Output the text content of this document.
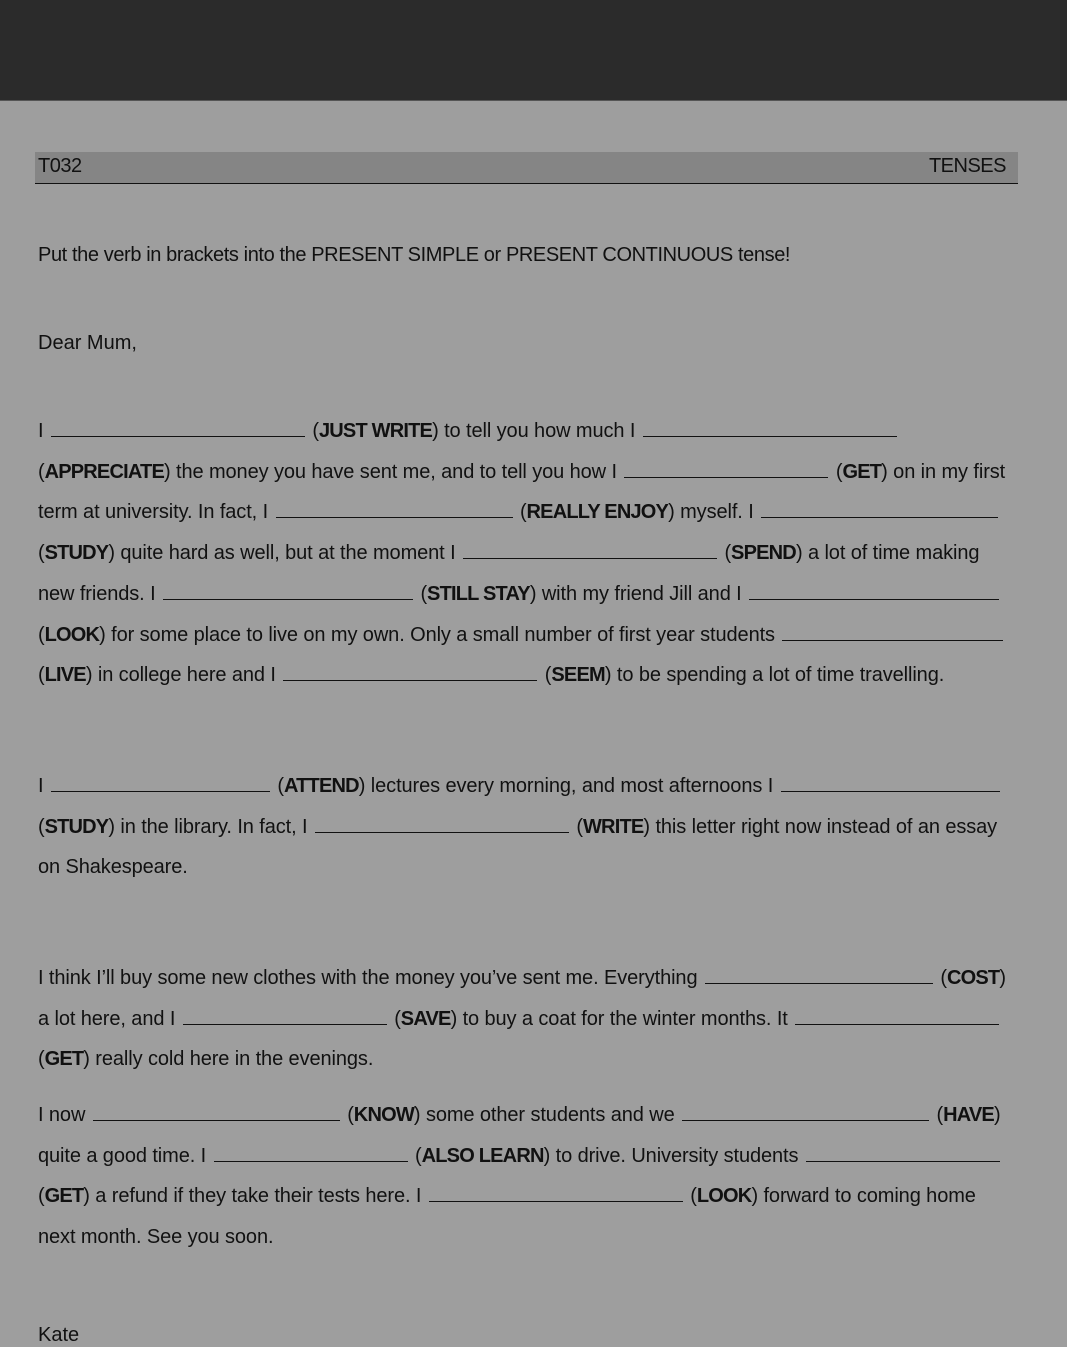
T032	TENSES
Put the verb in brackets into the PRESENT SIMPLE or PRESENT CONTINUOUS tense!
Dear Mum,
I	(JUST WRITE) to tell you how much I
(APPRECIATE) the money you have sent me, and to tell you how I	(GET) on in my first
term at university. In fact, I	(REALLY ENJOY) myself. I
(STUDY) quite hard as well, but at the moment I	(SPEND) a lot of time making
new friends. I	(STILL STAY) with my friend Jill and I
(LOOK) for some place to live on my own. Only a small number of first year students
(LIVE) in college here and I	(SEEM) to be spending a lot of time travelling.
I	(ATTEND) lectures every morning, and most afternoons I
(STUDY) in the library. In fact, I	(WRITE) this letter right now instead of an essay
on Shakespeare.
I think I’ll buy some new clothes with the money you’ve sent me. Everything	(COST)
a lot here, and I	(SAVE) to buy a coat for the winter months. It
(GET) really cold here in the evenings.
I now	(KNOW) some other students and we	(HAVE)
quite a good time. I	(ALSO LEARN) to drive. University students
(GET) a refund if they take their tests here. I	(LOOK) forward to coming home
next month. See you soon.
Kate
